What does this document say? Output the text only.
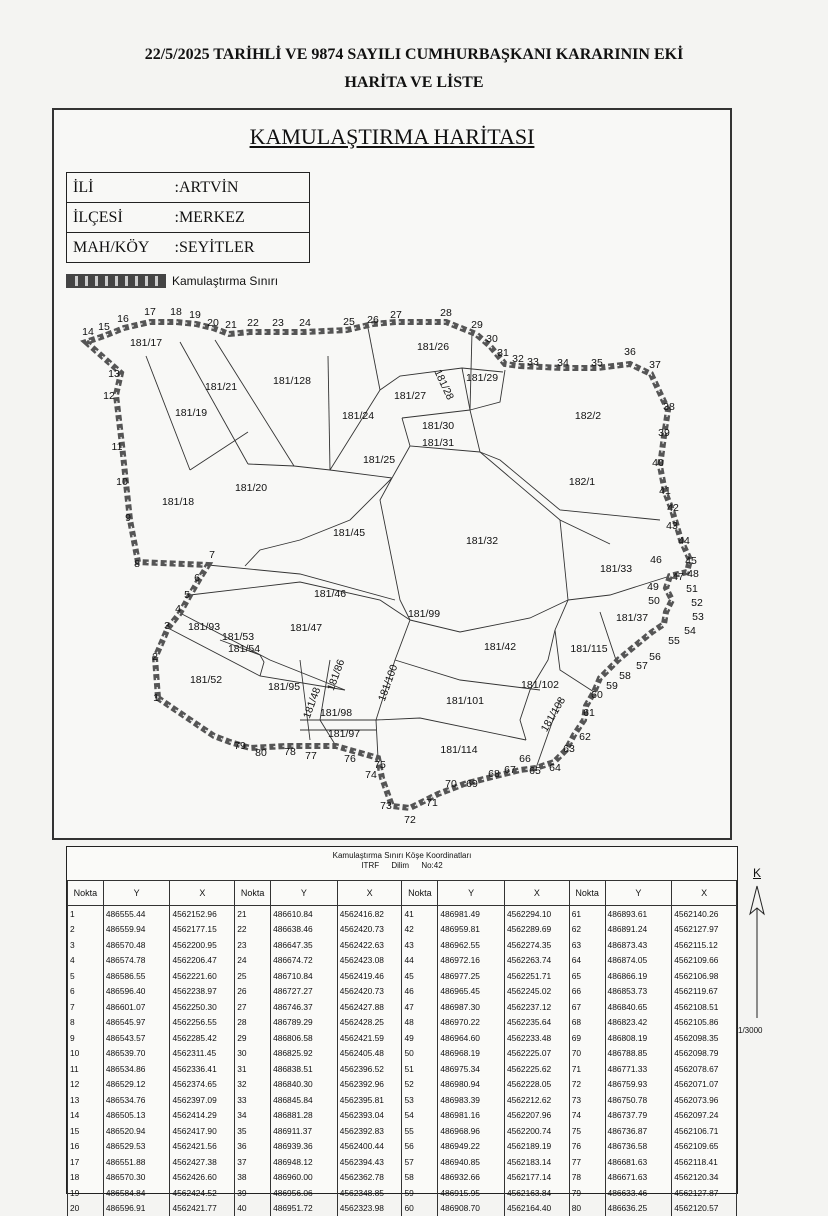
22/5/2025 TARİHLİ VE 9874 SAYILI CUMHURBAŞKANI KARARININ EKİ
HARİTA VE LİSTE
KAMULAŞTIRMA HARİTASI
İLİ	:ARTVİN

İLÇESİ	:MERKEZ

MAH/KÖY :SEYİTLER
Kamulaştırma Sınırı
181/17
181/21	181/128
181/26
181/19
181/27 181/28 181/29
181/24
181/30
181/31
182/2
181/25
182/1
181/20
181/18
181/45
181/32
181/33
181/46
181/99
181/93
181/53
181/54
181/47
181/37
181/42	181/115
181/52
181/95 181/48
181/86	181/100	181/102
181/101	181/108
181/98
181/97
181/114
1
2
3
4
5
6
7
8
9
10
11
12
13
14 15
16
17 18 19
20 21 22 23 24	25 26 27	28
29
30
31 32 33 34 35
36
37
38
39
40
41
42
43
44
45
46
47 48
49
50
51
52
53
54
55
56
57
58
59
60
61
62
63
64
65
66
67
68
69
70
71
72
73
74
75
76
77
78
79
80
Kamulaştırma Sınırı Köşe Koordinatları
ITRF Dilim No:42
Nokta	Y	X	Nokta	Y	X	Nokta	Y	X	Nokta	Y	X
1	486555.44	4562152.96	21	486610.84	4562416.82	41	486981.49	4562294.10	61	486893.61	4562140.26
2	486559.94	4562177.15	22	486638.46	4562420.73	42	486959.81	4562289.69	62	486891.24	4562127.97
3	486570.48	4562200.95	23	486647.35	4562422.63	43	486962.55	4562274.35	63	486873.43	4562115.12
4	486574.78	4562206.47	24	486674.72	4562423.08	44	486972.16	4562263.74	64	486874.05	4562109.66
5	486586.55	4562221.60	25	486710.84	4562419.46	45	486977.25	4562251.71	65	486866.19	4562106.98
6	486596.40	4562238.97	26	486727.27	4562420.73	46	486965.45	4562245.02	66	486853.73	4562119.67
7	486601.07	4562250.30	27	486746.37	4562427.88	47	486987.30	4562237.12	67	486840.65	4562108.51
8	486545.97	4562256.55	28	486789.29	4562428.25	48	486970.22	4562235.64	68	486823.42	4562105.86
9	486543.57	4562285.42	29	486806.58	4562421.59	49	486964.60	4562233.48	69	486808.19	4562098.35
10	486539.70	4562311.45	30	486825.92	4562405.48	50	486968.19	4562225.07	70	486788.85	4562098.79
11	486534.86	4562336.41	31	486838.51	4562396.52	51	486975.34	4562225.62	71	486771.33	4562078.67
12	486529.12	4562374.65	32	486840.30	4562392.96	52	486980.94	4562228.05	72	486759.93	4562071.07
13	486534.76	4562397.09	33	486845.84	4562395.81	53	486983.39	4562212.62	73	486750.78	4562073.96
14	486505.13	4562414.29	34	486881.28	4562393.04	54	486981.16	4562207.96	74	486737.79	4562097.24
15	486520.94	4562417.90	35	486911.37	4562392.83	55	486968.96	4562200.74	75	486736.87	4562106.71
16	486529.53	4562421.56	36	486939.36	4562400.44	56	486949.22	4562189.19	76	486736.58	4562109.65
17	486551.88	4562427.38	37	486948.12	4562394.43	57	486940.85	4562183.14	77	486681.63	4562118.41
18	486570.30	4562426.60	38	486960.00	4562362.78	58	486932.66	4562177.14	78	486671.63	4562120.34
19	486584.84	4562424.52	39	486956.06	4562348.85	59	486915.95	4562163.84	79	486633.46	4562127.87
20	486596.91	4562421.77	40	486951.72	4562323.98	60	486908.70	4562164.40	80	486636.25	4562120.57
K
1/3000
